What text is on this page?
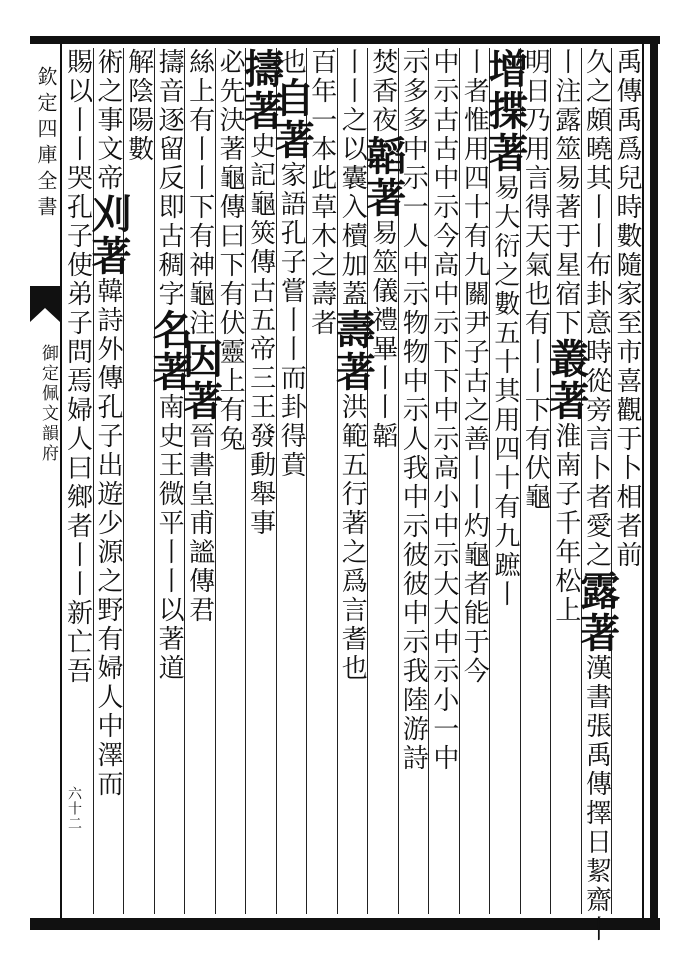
欽定四庫全書
御定佩文韻府
六十二
禹傳禹爲兒時數隨家至市喜觀于卜相者前
久之頗曉其丨丨布卦意時從旁言卜者愛之露著漢書張禹傳擇日絜齋丨
丨注露筮易著于星宿下叢著淮南子千年松上
明日乃用言得天氣也有丨丨下有伏龜
增揲著易大衍之數五十其用四十有九蹠丨
丨者惟用四十有九關尹子古之善丨丨灼龜者能于今
中示古古中示今高中示下下中示高小中示大大中示小一中
示多多中示一人中示物物中示人我中示彼彼中示我陸游詩
焚香夜韜著易筮儀禮畢丨丨韜
丨丨之以囊入櫝加蓋壽著洪範五行著之爲言耆也
百年一本此草木之壽者
也自著家語孔子嘗丨丨而卦得賁
擣著史記龜筴傳古五帝三王發動舉事
必先決著龜傳曰下有伏靈上有兔
絲上有丨丨下有神龜注因著晉書皇甫謐傳君
擣音逐留反即古稠字名著南史王微平丨丨以著道
解陰陽數
術之事文帝刈著韓詩外傳孔子出遊少源之野有婦人中澤而
賜以丨丨哭孔子使弟子問焉婦人曰鄉者丨丨新亡吾
